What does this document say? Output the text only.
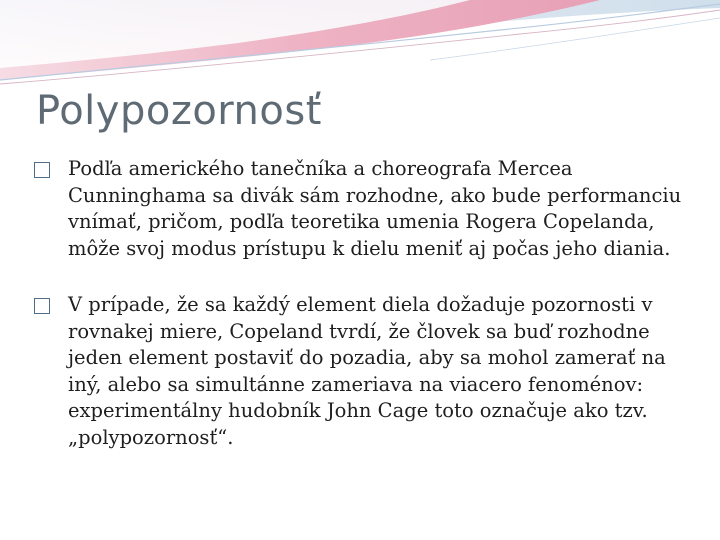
Polypozornosť
Podľa amerického tanečníka a choreografa Mercea Cunninghama sa divák sám rozhodne, ako bude performanciu vnímať, pričom, podľa teoretika umenia Rogera Copelanda, môže svoj modus prístupu k dielu meniť aj počas jeho diania.
V prípade, že sa každý element diela dožaduje pozornosti v rovnakej miere, Copeland tvrdí, že človek sa buď rozhodne jeden element postaviť do pozadia, aby sa mohol zamerať na iný, alebo sa simultánne zameriava na viacero fenoménov: experimentálny hudobník John Cage toto označuje ako tzv. „polypozornosť“.
